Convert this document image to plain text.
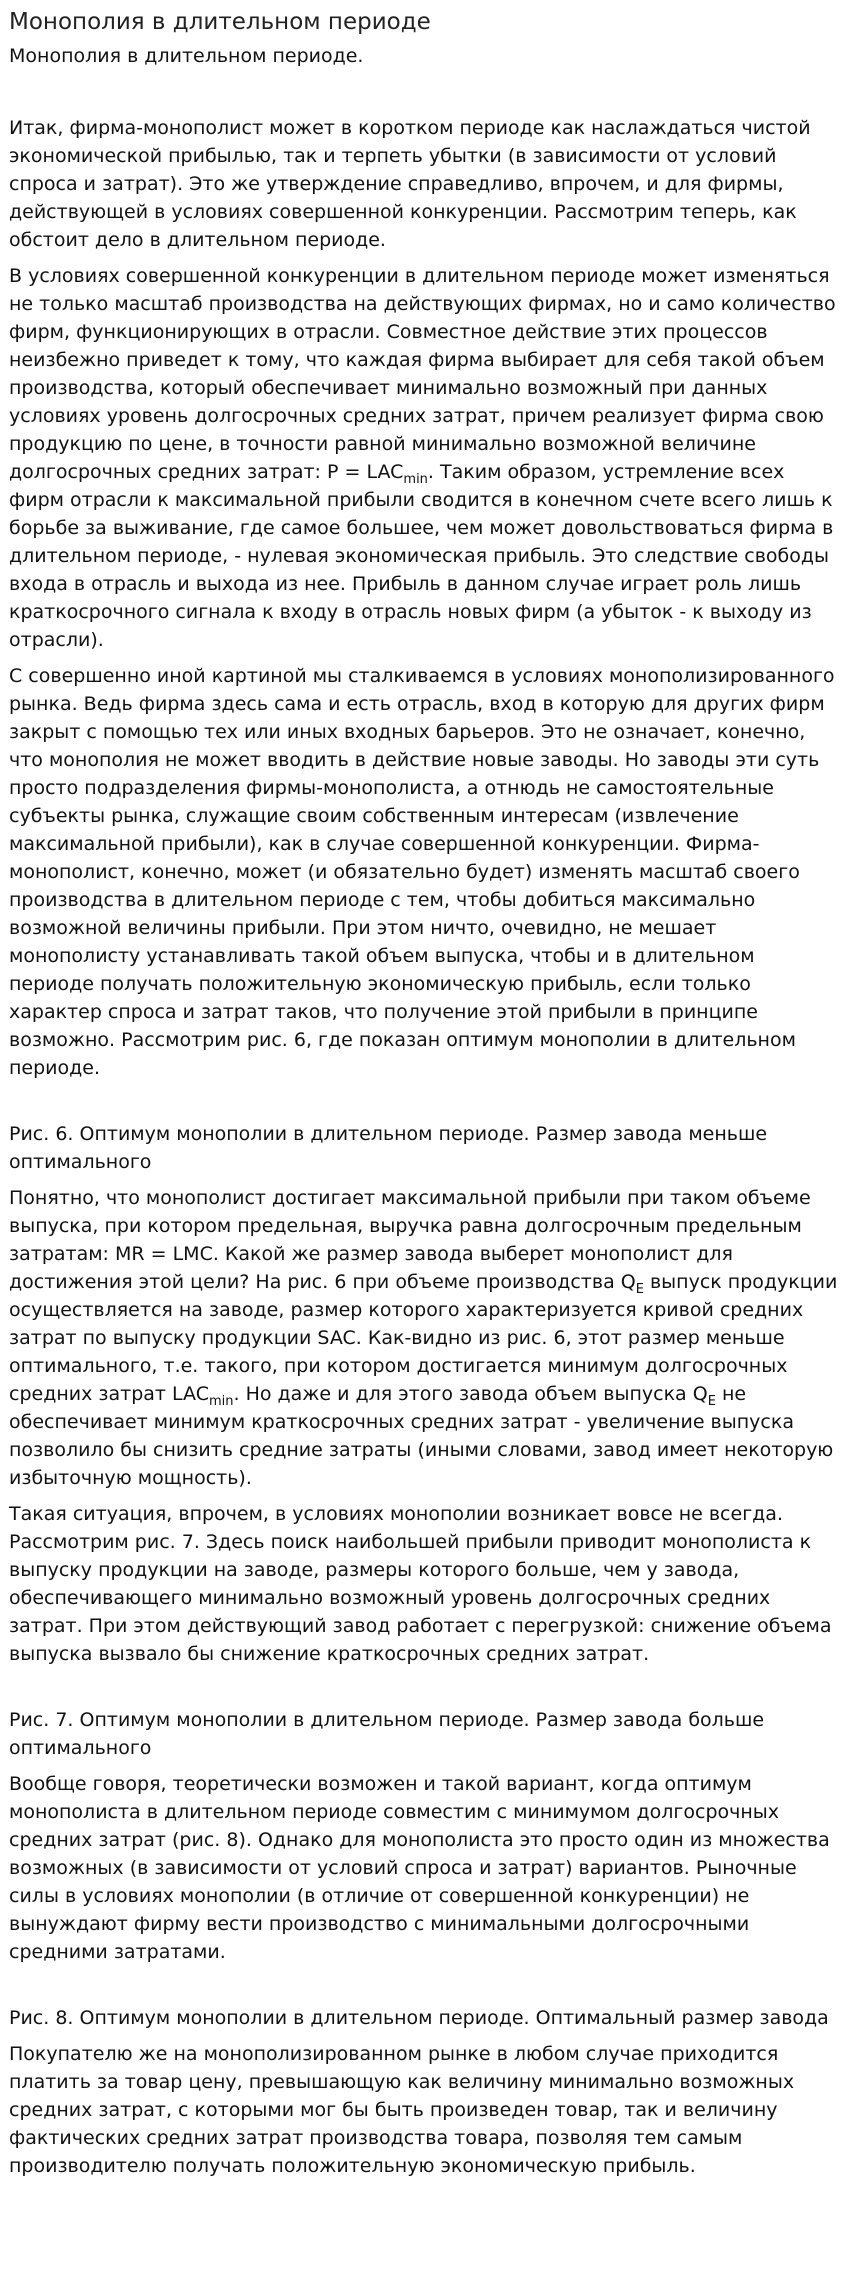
Монополия в длительном периоде
Монополия в длительном периоде.

Итак, фирма-монополист может в коротком периоде как наслаждаться чистой экономической прибылью, так и терпеть убытки (в зависимости от условий спроса и затрат). Это же утверждение справедливо, впрочем, и для фирмы, действующей в условиях совершенной конкуренции. Рассмотрим теперь, как обстоит дело в длительном периоде.

В условиях совершенной конкуренции в длительном периоде может изменяться не только масштаб производства на действующих фирмах, но и само количество фирм, функционирующих в отрасли. Совместное действие этих процессов неизбежно приведет к тому, что каждая фирма выбирает для себя такой объем производства, который обеспечивает минимально возможный при данных условиях уровень долгосрочных средних затрат, причем реализует фирма свою продукцию по цене, в точности равной минимально возможной величине долгосрочных средних затрат: $P = LAC_{min}$. Таким образом, устремление всех фирм отрасли к максимальной прибыли сводится в конечном счете всего лишь к борьбе за выживание, где самое большее, чем может довольствоваться фирма в длительном периоде, - нулевая экономическая прибыль. Это следствие свободы входа в отрасль и выхода из нее. Прибыль в данном случае играет роль лишь краткосрочного сигнала к входу в отрасль новых фирм (а убыток - к выходу из отрасли).

С совершенно иной картиной мы сталкиваемся в условиях монополизированного рынка. Ведь фирма здесь сама и есть отрасль, вход в которую для других фирм закрыт с помощью тех или иных входных барьеров. Это не означает, конечно, что монополия не может вводить в действие новые заводы. Но заводы эти суть просто подразделения фирмы-монополиста, а отнюдь не самостоятельные субъекты рынка, служащие своим собственным интересам (извлечение максимальной прибыли), как в случае совершенной конкуренции. Фирма-монополист, конечно, может (и обязательно будет) изменять масштаб своего производства в длительном периоде с тем, чтобы добиться максимально возможной величины прибыли. При этом ничто, очевидно, не мешает монополисту устанавливать такой объем выпуска, чтобы и в длительном периоде получать положительную экономическую прибыль, если только характер спроса и затрат таков, что получение этой прибыли в принципе возможно. Рассмотрим рис. 6, где показан оптимум монополии в длительном периоде.

Рис. 6. Оптимум монополии в длительном периоде. Размер завода меньше оптимального

Понятно, что монополист достигает максимальной прибыли при таком объеме выпуска, при котором предельная, выручка равна долгосрочным предельным затратам: MR = LMC. Какой же размер завода выберет монополист для достижения этой цели? На рис. 6 при объеме производства $Q_E$ выпуск продукции осуществляется на заводе, размер которого характеризуется кривой средних затрат по выпуску продукции SAC. Как-видно из рис. 6, этот размер меньше оптимального, т.е. такого, при котором достигается минимум долгосрочных средних затрат $LAC_{min}$. Но даже и для этого завода объем выпуска $Q_E$ не обеспечивает минимум краткосрочных средних затрат - увеличение выпуска позволило бы снизить средние затраты (иными словами, завод имеет некоторую избыточную мощность).

Такая ситуация, впрочем, в условиях монополии возникает вовсе не всегда. Рассмотрим рис. 7. Здесь поиск наибольшей прибыли приводит монополиста к выпуску продукции на заводе, размеры которого больше, чем у завода, обеспечивающего минимально возможный уровень долгосрочных средних затрат. При этом действующий завод работает с перегрузкой: снижение объема выпуска вызвало бы снижение краткосрочных средних затрат.

Рис. 7. Оптимум монополии в длительном периоде. Размер завода больше оптимального

Вообще говоря, теоретически возможен и такой вариант, когда оптимум монополиста в длительном периоде совместим с минимумом долгосрочных средних затрат (рис. 8). Однако для монополиста это просто один из множества возможных (в зависимости от условий спроса и затрат) вариантов. Рыночные силы в условиях монополии (в отличие от совершенной конкуренции) не вынуждают фирму вести производство с минимальными долгосрочными средними затратами.

Рис. 8. Оптимум монополии в длительном периоде. Оптимальный размер завода

Покупателю же на монополизированном рынке в любом случае приходится платить за товар цену, превышающую как величину минимально возможных средних затрат, с которыми мог бы быть произведен товар, так и величину фактических средних затрат производства товара, позволяя тем самым производителю получать положительную экономическую прибыль.
